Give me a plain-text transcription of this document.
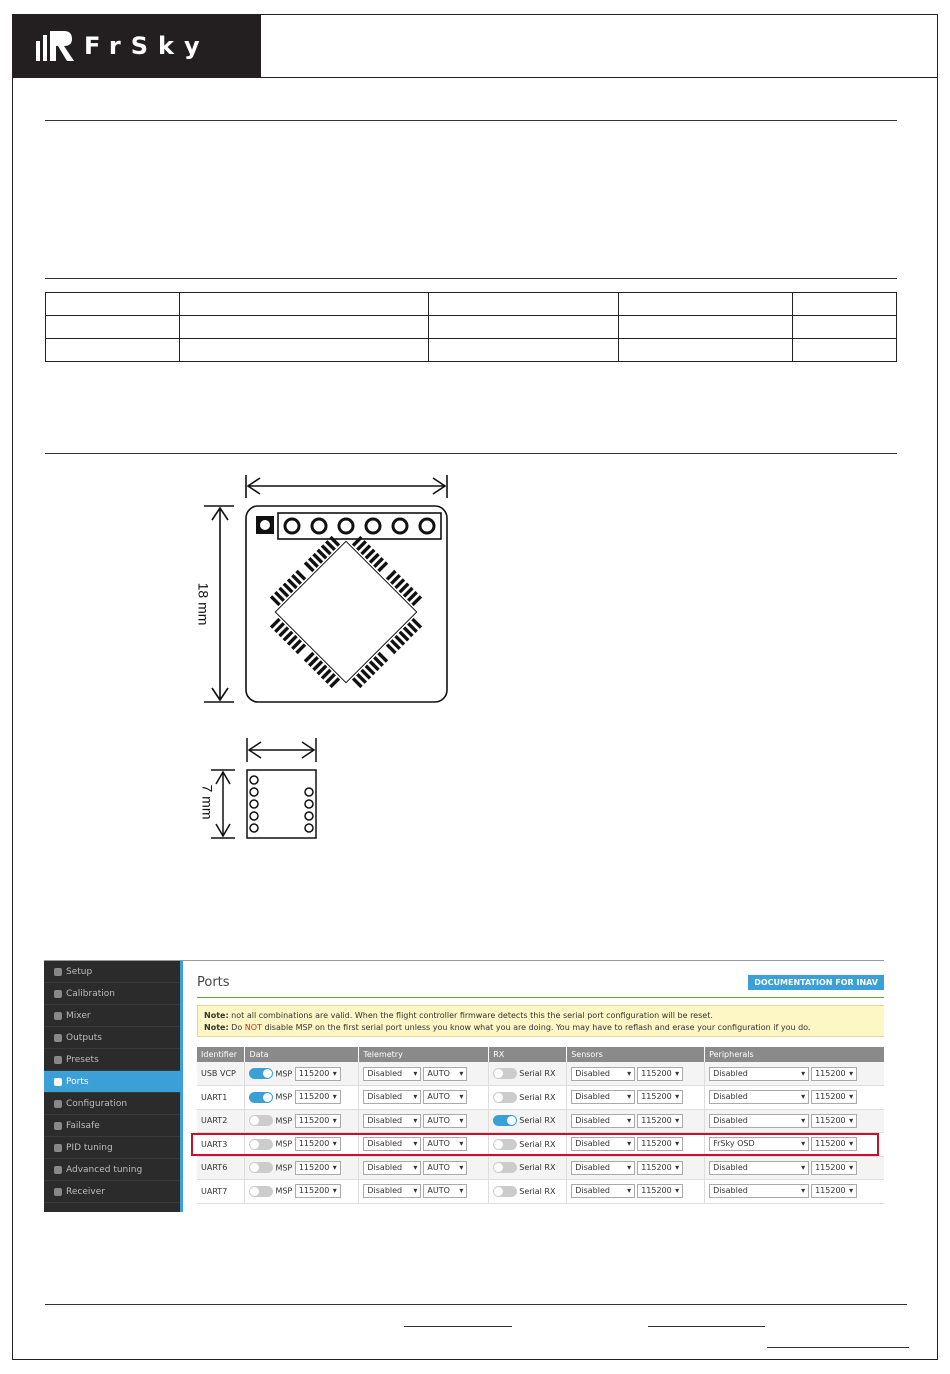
FrSky

18 mm
7 mm
Setup
Calibration
Mixer
Outputs
Presets
Ports
Configuration
Failsafe
PID tuning
Advanced tuning
Receiver
Ports	DOCUMENTATION FOR INAV
Note: not all combinations are valid. When the flight controller firmware detects this the serial port configuration will be reset.
Note: Do NOT disable MSP on the first serial port unless you know what you are doing. You may have to reflash and erase your configuration if you do.
Identifier	Data	Telemetry	RX	Sensors	Peripherals
USB VCP	MSP 115200 ▾	Disabled ▾ AUTO ▾	Serial RX	Disabled ▾ 115200 ▾	Disabled ▾ 115200 ▾
UART1	MSP 115200 ▾	Disabled ▾ AUTO ▾	Serial RX	Disabled ▾ 115200 ▾	Disabled ▾ 115200 ▾
UART2	MSP 115200 ▾	Disabled ▾ AUTO ▾	Serial RX	Disabled ▾ 115200 ▾	Disabled ▾ 115200 ▾
UART3	MSP 115200 ▾	Disabled ▾ AUTO ▾	Serial RX	Disabled ▾ 115200 ▾	FrSky OSD ▾ 115200 ▾
UART6	MSP 115200 ▾	Disabled ▾ AUTO ▾	Serial RX	Disabled ▾ 115200 ▾	Disabled ▾ 115200 ▾
UART7	MSP 115200 ▾	Disabled ▾ AUTO ▾	Serial RX	Disabled ▾ 115200 ▾	Disabled ▾ 115200 ▾
